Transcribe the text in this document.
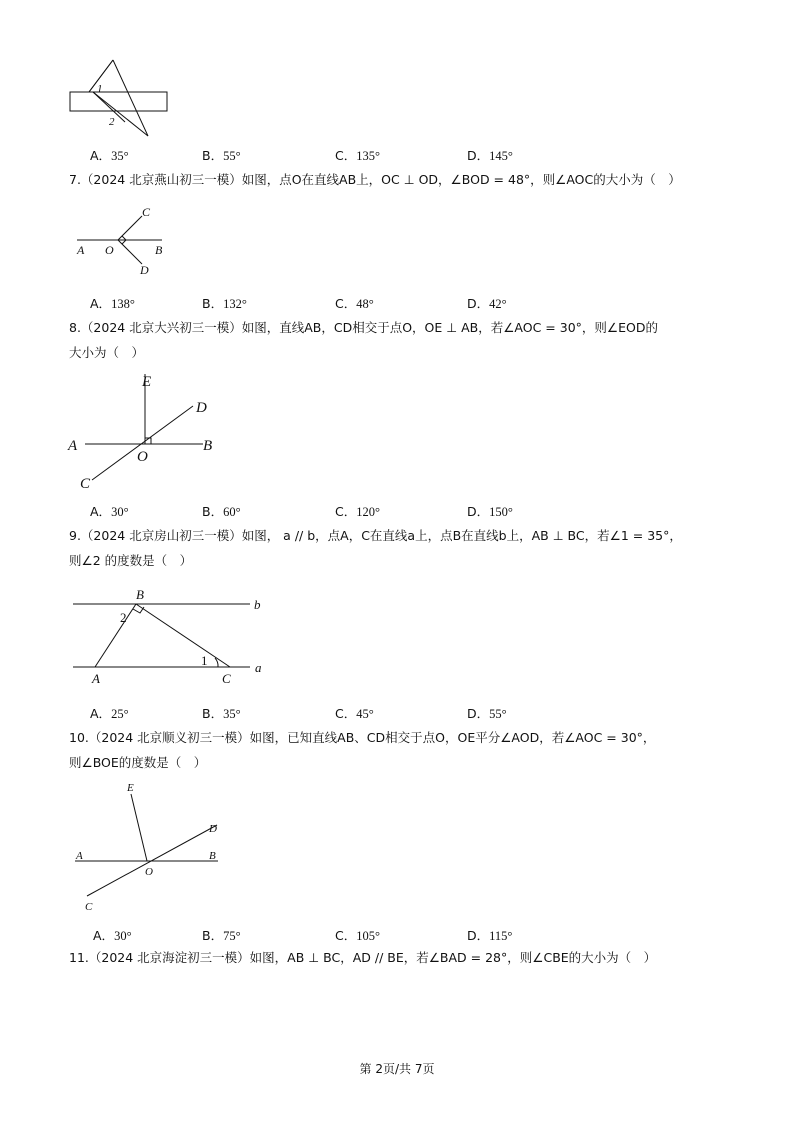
1
2
A．35°	B．55°	C．135°	D．145°
7.（2024 北京燕山初三一模）如图，点O在直线AB上，OC ⊥ OD，∠BOD = 48°，则∠AOC的大小为（　）
C
A O	B
D
A．138°	B．132°	C．48°	D．42°
8.（2024 北京大兴初三一模）如图，直线AB，CD相交于点O，OE ⊥ AB，若∠AOC = 30°，则∠EOD的
大小为（　）
E
D
A	B
O
C
A．30°	B．60°	C．120°	D．150°
9.（2024 北京房山初三一模）如图， a // b，点A，C在直线a上，点B在直线b上，AB ⊥ BC，若∠1 = 35°，
则∠2 的度数是（　）
B
b
2
1	a
A	C
A．25°	B．35°	C．45°	D．55°
10.（2024 北京顺义初三一模）如图，已知直线AB、CD相交于点O，OE平分∠AOD，若∠AOC = 30°，
则∠BOE的度数是（　）
E
D
A	B
O
C
A．30°	B．75°	C．105°	D．115°
11.（2024 北京海淀初三一模）如图，AB ⊥ BC，AD // BE，若∠BAD = 28°，则∠CBE的大小为（　）
第 2页/共 7页
